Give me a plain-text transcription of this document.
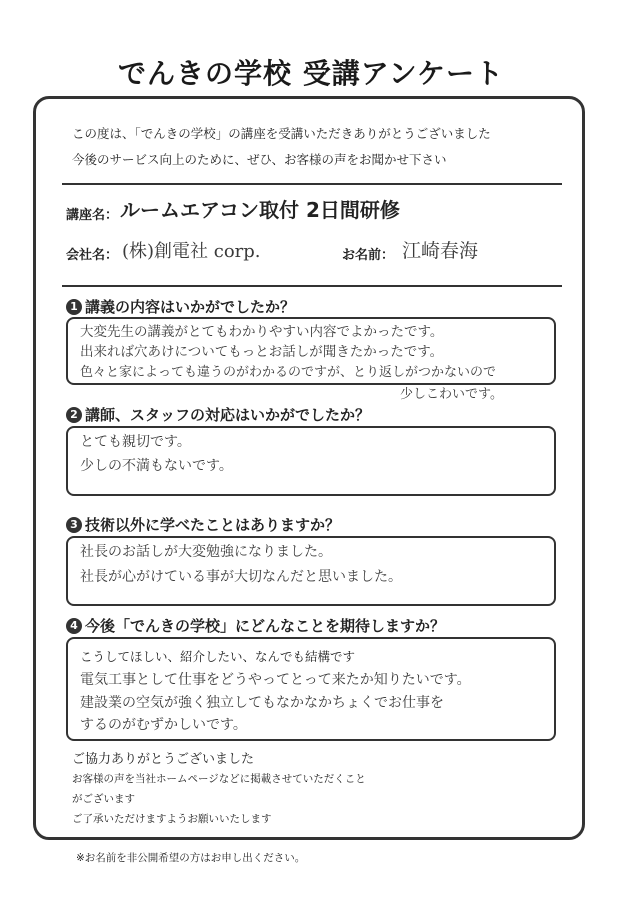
でんきの学校 受講アンケート
この度は、「でんきの学校」の講座を受講いただきありがとうございました
今後のサービス向上のために、ぜひ、お客様の声をお聞かせ下さい
講座名： ルームエアコン取付 2日間研修
会社名： (株)創電社 corp.	お名前： 江崎春海
1 講義の内容はいかがでしたか？
大変先生の講義がとてもわかりやすい内容でよかったです。
出来れば穴あけについてもっとお話しが聞きたかったです。
色々と家によっても違うのがわかるのですが、とり返しがつかないので
少しこわいです。
2 講師、スタッフの対応はいかがでしたか？
とても親切です。
少しの不満もないです。
3 技術以外に学べたことはありますか？
社長のお話しが大変勉強になりました。
社長が心がけている事が大切なんだと思いました。
4 今後「でんきの学校」にどんなことを期待しますか？
こうしてほしい、紹介したい、なんでも結構です
電気工事として仕事をどうやってとって来たか知りたいです。
建設業の空気が強く独立してもなかなかちょくでお仕事を
するのがむずかしいです。
ご協力ありがとうございました
お客様の声を当社ホームページなどに掲載させていただくこと
がございます
ご了承いただけますようお願いいたします
※お名前を非公開希望の方はお申し出ください。
